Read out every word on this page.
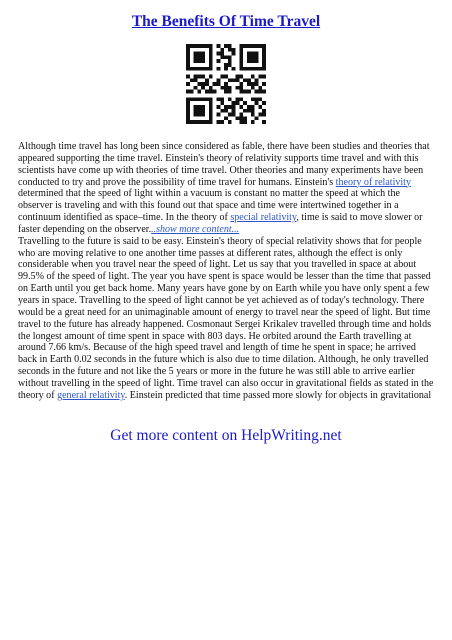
The Benefits Of Time Travel

Although time travel has long been since considered as fable, there have been studies and theories that appeared supporting the time travel. Einstein's theory of relativity supports time travel and with this scientists have come up with theories of time travel. Other theories and many experiments have been conducted to try and prove the possibility of time travel for humans. Einstein's theory of relativity determined that the speed of light within a vacuum is constant no matter the speed at which the observer is traveling and with this found out that space and time were intertwined together in a continuum identified as space–time. In the theory of special relativity, time is said to move slower or faster depending on the observer...show more content...

Travelling to the future is said to be easy. Einstein's theory of special relativity shows that for people who are moving relative to one another time passes at different rates, although the effect is only considerable when you travel near the speed of light. Let us say that you travelled in space at about 99.5% of the speed of light. The year you have spent is space would be lesser than the time that passed on Earth until you get back home. Many years have gone by on Earth while you have only spent a few years in space. Travelling to the speed of light cannot be yet achieved as of today's technology. There would be a great need for an unimaginable amount of energy to travel near the speed of light. But time travel to the future has already happened. Cosmonaut Sergei Krikalev travelled through time and holds the longest amount of time spent in space with 803 days. He orbited around the Earth travelling at around 7.66 km/s. Because of the high speed travel and length of time he spent in space; he arrived back in Earth 0.02 seconds in the future which is also due to time dilation. Although, he only travelled seconds in the future and not like the 5 years or more in the future he was still able to arrive earlier without travelling in the speed of light. Time travel can also occur in gravitational fields as stated in the theory of general relativity. Einstein predicted that time passed more slowly for objects in gravitational

Get more content on HelpWriting.net
